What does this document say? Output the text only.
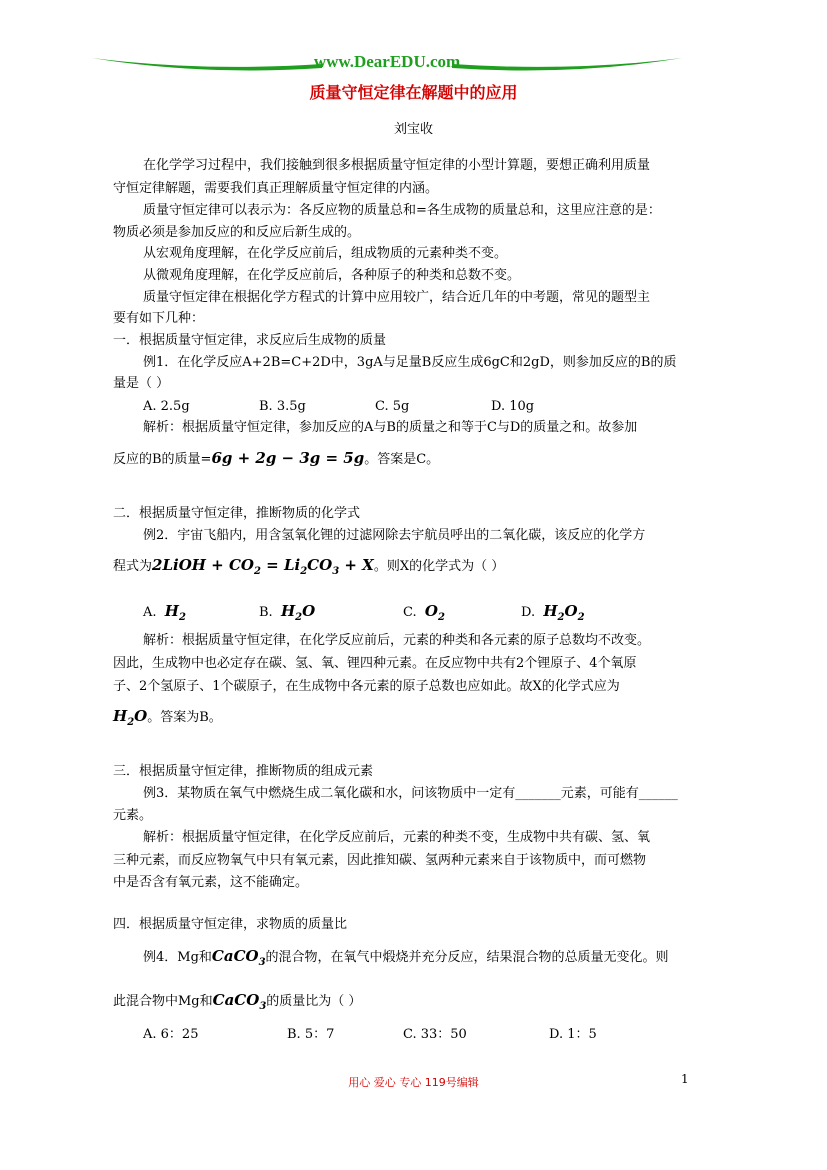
www.DearEDU.com
质量守恒定律在解题中的应用
刘宝收
在化学学习过程中，我们接触到很多根据质量守恒定律的小型计算题，要想正确利用质量
守恒定律解题，需要我们真正理解质量守恒定律的内涵。
质量守恒定律可以表示为：各反应物的质量总和=各生成物的质量总和，这里应注意的是：
物质必须是参加反应的和反应后新生成的。
从宏观角度理解，在化学反应前后，组成物质的元素种类不变。
从微观角度理解，在化学反应前后，各种原子的种类和总数不变。
质量守恒定律在根据化学方程式的计算中应用较广，结合近几年的中考题，常见的题型主
要有如下几种：
一．根据质量守恒定律，求反应后生成物的质量
例1．在化学反应A+2B=C+2D中，3gA与足量B反应生成6gC和2gD，则参加反应的B的质
量是（ ）
A. 2.5g	B. 3.5g	C. 5g	D. 10g
解析：根据质量守恒定律，参加反应的A与B的质量之和等于C与D的质量之和。故参加
反应的B的质量=6g + 2g − 3g = 5g。答案是C。
二．根据质量守恒定律，推断物质的化学式
例2．宇宙飞船内，用含氢氧化锂的过滤网除去宇航员呼出的二氧化碳，该反应的化学方
程式为2LiOH + $CO_2 = Li_2CO_3 + X$。则X的化学式为（ ）
A. $H_2$	B. $H_2O$	C. $O_2$	D. $H_2O_2$
解析：根据质量守恒定律，在化学反应前后，元素的种类和各元素的原子总数均不改变。
因此，生成物中也必定存在碳、氢、氧、锂四种元素。在反应物中共有2个锂原子、4个氧原
子、2个氢原子、1个碳原子，在生成物中各元素的原子总数也应如此。故X的化学式应为
$H_2O$。答案为B。
三．根据质量守恒定律，推断物质的组成元素
例3．某物质在氧气中燃烧生成二氧化碳和水，问该物质中一定有_______元素，可能有______
元素。
解析：根据质量守恒定律，在化学反应前后，元素的种类不变，生成物中共有碳、氢、氧
三种元素，而反应物氧气中只有氧元素，因此推知碳、氢两种元素来自于该物质中，而可燃物
中是否含有氧元素，这不能确定。
四．根据质量守恒定律，求物质的质量比
例4．Mg和CaCO$_3$的混合物，在氧气中煅烧并充分反应，结果混合物的总质量无变化。则
此混合物中Mg和CaCO$_3$的质量比为（ ）
A. 6：25	B. 5：7	C. 33：50	D. 1：5
用心 爱心 专心 119号编辑	1
